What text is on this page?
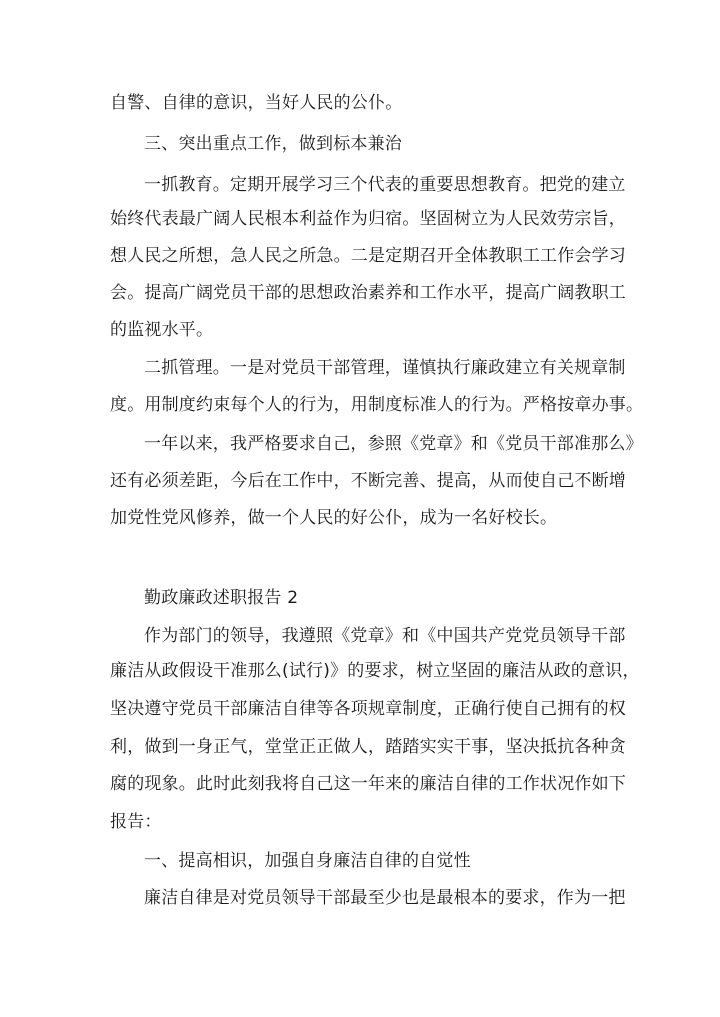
自警、自律的意识，当好人民的公仆。
三、突出重点工作，做到标本兼治
一抓教育。定期开展学习三个代表的重要思想教育。把党的建立
始终代表最广阔人民根本利益作为归宿。坚固树立为人民效劳宗旨，
想人民之所想，急人民之所急。二是定期召开全体教职工工作会学习
会。提高广阔党员干部的思想政治素养和工作水平，提高广阔教职工
的监视水平。
二抓管理。一是对党员干部管理，谨慎执行廉政建立有关规章制
度。用制度约束每个人的行为，用制度标准人的行为。严格按章办事。
一年以来，我严格要求自己，参照《党章》和《党员干部准那么》
还有必须差距，今后在工作中，不断完善、提高，从而使自己不断增
加党性党风修养，做一个人民的好公仆，成为一名好校长。
勤政廉政述职报告 2
作为部门的领导，我遵照《党章》和《中国共产党党员领导干部
廉洁从政假设干准那么(试行)》的要求，树立坚固的廉洁从政的意识，
坚决遵守党员干部廉洁自律等各项规章制度，正确行使自己拥有的权
利，做到一身正气，堂堂正正做人，踏踏实实干事，坚决抵抗各种贪
腐的现象。此时此刻我将自己这一年来的廉洁自律的工作状况作如下
报告：
一、提高相识，加强自身廉洁自律的自觉性
廉洁自律是对党员领导干部最至少也是最根本的要求，作为一把
